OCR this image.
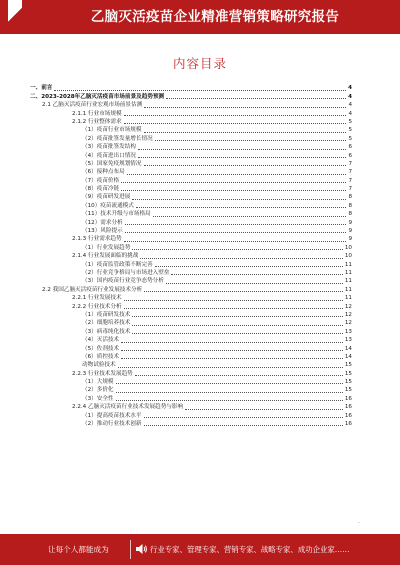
乙脑灭活疫苗企业精准营销策略研究报告
内容目录
一、前言	4
二、2023-2028年乙脑灭活疫苗市场前景及趋势预测	4
2.1 乙脑灭活疫苗行业宏观市场前景估测	4
2.1.1 行业市场规模	4
2.1.2 行业整体需求	5
（1）疫苗行业市场规模	5
（2）疫苗批签发量增长情况	5
（3）疫苗批签发结构	6
（4）疫苗进出口情况	6
（5）国家免疫规划情况	7
（6）接种点布局	7
（7）疫苗价格	7
（8）疫苗冷链	7
（9）疫苗研发进展	8
（10）疫苗流通模式	8
（11）技术升级与市场格局	8
（12）需求分析	9
（13）风险提示	9
2.1.3 行业需求趋势	9
（1）行业发展趋势	10
2.1.4 行业发展面临的挑战	10
（1）疫苗监管政策不断完善	11
（2）行业竞争格局与市场进入壁垒	11
（3）国内疫苗行业竞争态势分析	11
2.2 我国乙脑灭活疫苗行业发展技术分析	11
2.2.1 行业发展技术	11
2.2.2 行业技术分析	12
（1）疫苗研发技术	12
（2）细胞培养技术	12
（3）病毒纯化技术	13
（4）灭活技术	13
（5）佐剂技术	14
（6）质控技术	14
动物试验技术	15
2.2.3 行业技术发展趋势	15
（1）大规模	15
（2）多价化	15
（3）安全性	16
2.2.4 乙脑灭活疫苗行业技术发展趋势与影响	16
（1）提高疫苗技术水平	16
（2）推动行业技术创新	16
·
让每个人都能成为	行业专家、管理专家、营销专家、战略专家、成功企业家……
